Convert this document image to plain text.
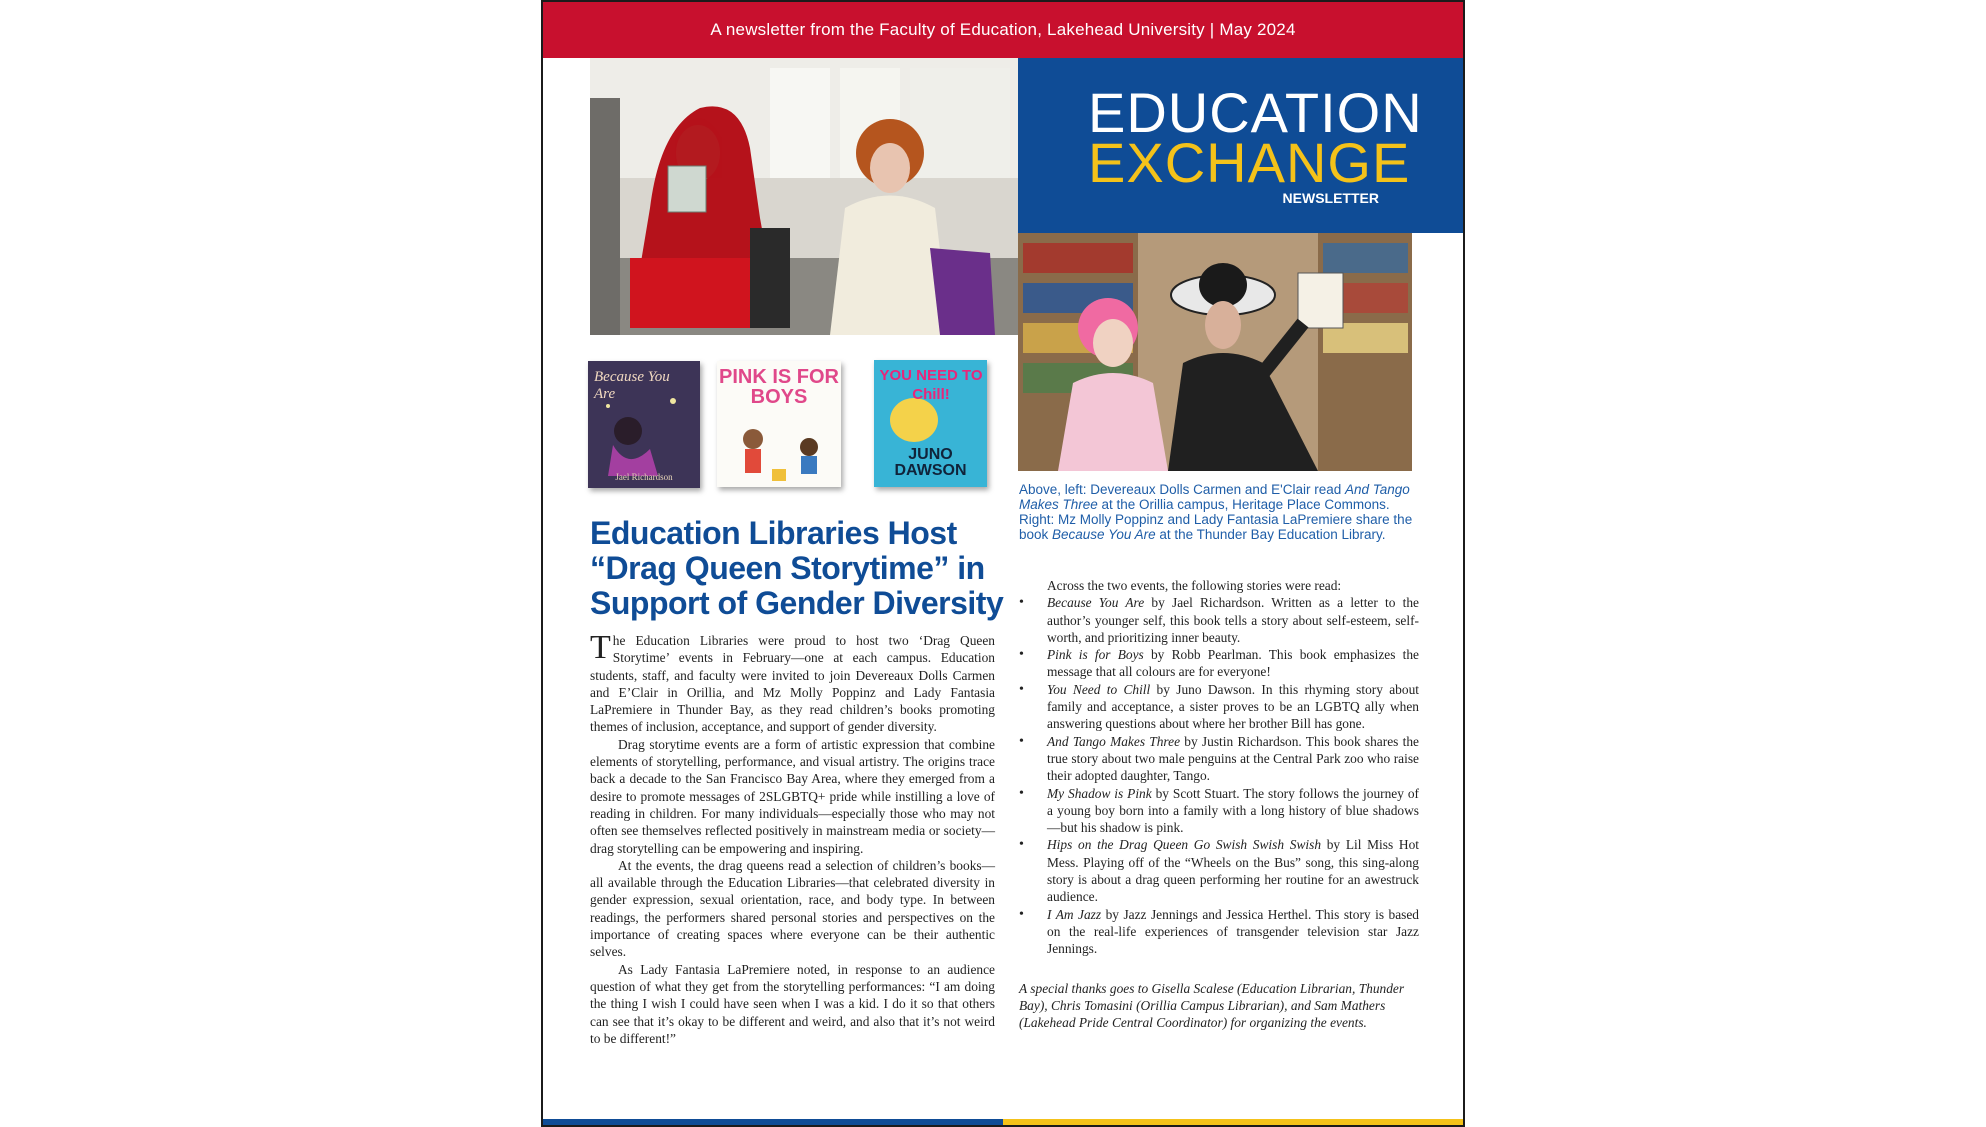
A newsletter from the Faculty of Education, Lakehead University | May 2024
EDUCATION
EXCHANGE
NEWSLETTER
Because You Are
Jael Richardson
PINK IS FOR BOYS
YOU NEED TO Chill!
JUNO DAWSON
Above, left: Devereaux Dolls Carmen and E'Clair read And Tango Makes Three at the Orillia campus, Heritage Place Commons. Right: Mz Molly Poppinz and Lady Fantasia LaPremiere share the book Because You Are at the Thunder Bay Education Library.
Education Libraries Host “Drag Queen Storytime” in Support of Gender Diversity

The Education Libraries were proud to host two ‘Drag Queen Storytime’ events in February—one at each campus. Education students, staff, and faculty were invited to join Devereaux Dolls Carmen and E’Clair in Orillia, and Mz Molly Poppinz and Lady Fantasia LaPremiere in Thunder Bay, as they read children’s books promoting themes of inclusion, acceptance, and support of gender diversity.

Drag storytime events are a form of artistic expression that combine elements of storytelling, performance, and visual artistry. The origins trace back a decade to the San Francisco Bay Area, where they emerged from a desire to promote messages of 2SLGBTQ+ pride while instilling a love of reading in children. For many individuals—especially those who may not often see themselves reflected positively in mainstream media or society—drag storytelling can be empowering and inspiring.

At the events, the drag queens read a selection of children’s books—all available through the Education Libraries—that celebrated diversity in gender expression, sexual orientation, race, and body type. In between readings, the performers shared personal stories and perspectives on the importance of creating spaces where everyone can be their authentic selves.

As Lady Fantasia LaPremiere noted, in response to an audience question of what they get from the storytelling performances: “I am doing the thing I wish I could have seen when I was a kid. I do it so that others can see that it’s okay to be different and weird, and also that it’s not weird to be different!”

Across the two events, the following stories were read:

• Because You Are by Jael Richardson. Written as a letter to the author’s younger self, this book tells a story about self-esteem, self-worth, and prioritizing inner beauty.
• Pink is for Boys by Robb Pearlman. This book emphasizes the message that all colours are for everyone!
• You Need to Chill by Juno Dawson. In this rhyming story about family and acceptance, a sister proves to be an LGBTQ ally when answering questions about where her brother Bill has gone.
• And Tango Makes Three by Justin Richardson. This book shares the true story about two male penguins at the Central Park zoo who raise their adopted daughter, Tango.
• My Shadow is Pink by Scott Stuart. The story follows the journey of a young boy born into a family with a long history of blue shadows—but his shadow is pink.
• Hips on the Drag Queen Go Swish Swish Swish by Lil Miss Hot Mess. Playing off of the “Wheels on the Bus” song, this sing-along story is about a drag queen performing her routine for an awestruck audience.
• I Am Jazz by Jazz Jennings and Jessica Herthel. This story is based on the real-life experiences of transgender television star Jazz Jennings.

A special thanks goes to Gisella Scalese (Education Librarian, Thunder Bay), Chris Tomasini (Orillia Campus Librarian), and Sam Mathers (Lakehead Pride Central Coordinator) for organizing the events.
